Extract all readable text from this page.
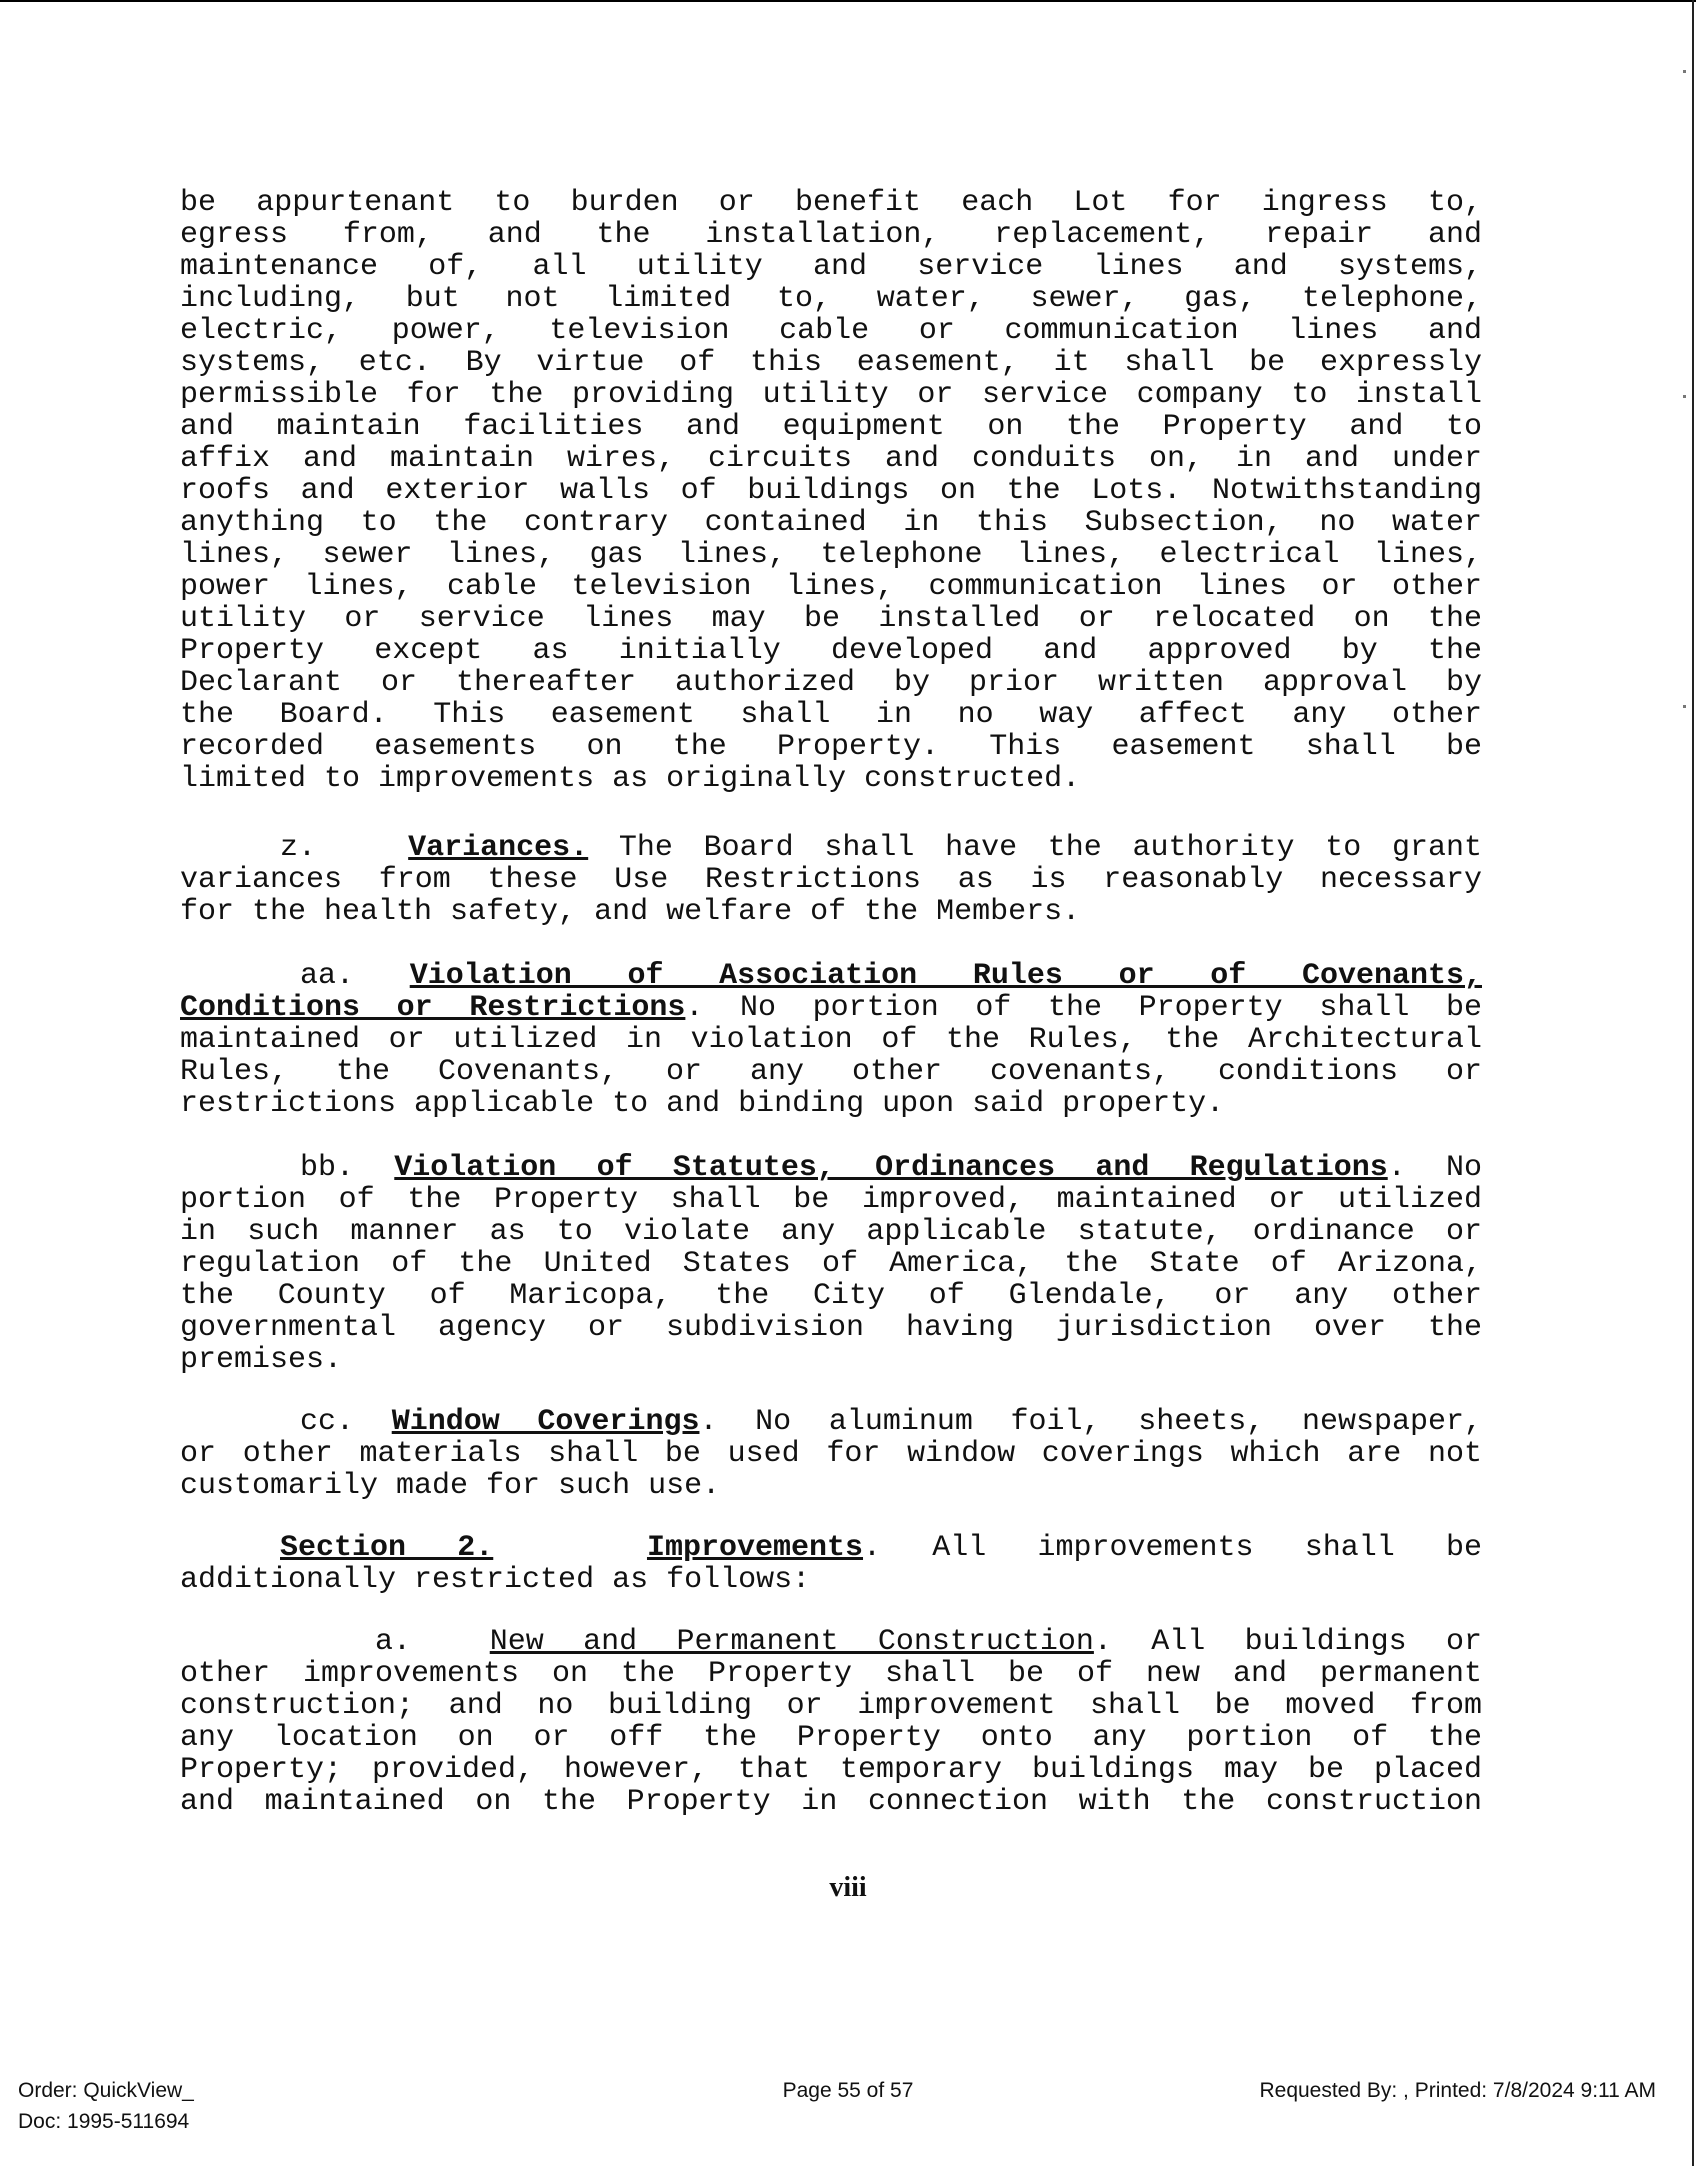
be appurtenant to burden or benefit each Lot for ingress to,
egress from, and the installation, replacement, repair and
maintenance of, all utility and service lines and systems,
including, but not limited to, water, sewer, gas, telephone,
electric, power, television cable or communication lines and
systems, etc. By virtue of this easement, it shall be expressly
permissible for the providing utility or service company to install
and maintain facilities and equipment on the Property and to
affix and maintain wires, circuits and conduits on, in and under
roofs and exterior walls of buildings on the Lots. Notwithstanding
anything to the contrary contained in this Subsection, no water
lines, sewer lines, gas lines, telephone lines, electrical lines,
power lines, cable television lines, communication lines or other
utility or service lines may be installed or relocated on the
Property except as initially developed and approved by the
Declarant or thereafter authorized by prior written approval by
the Board. This easement shall in no way affect any other
recorded easements on the Property. This easement shall be
limited to improvements as originally constructed.
z.	Variances. The Board shall have the authority to grant
variances from these Use Restrictions as is reasonably necessary
for the health safety, and welfare of the Members.
aa. Violation of Association Rules or of Covenants,
Conditions or Restrictions. No portion of the Property shall be
maintained or utilized in violation of the Rules, the Architectural
Rules, the Covenants, or any other covenants, conditions or
restrictions applicable to and binding upon said property.
bb. Violation of Statutes, Ordinances and Regulations. No
portion of the Property shall be improved, maintained or utilized
in such manner as to violate any applicable statute, ordinance or
regulation of the United States of America, the State of Arizona,
the County of Maricopa, the City of Glendale, or any other
governmental agency or subdivision having jurisdiction over the
premises.
cc. Window Coverings. No aluminum foil, sheets, newspaper,
or other materials shall be used for window coverings which are not
customarily made for such use.
Section 2.	Improvements. All improvements shall be
additionally restricted as follows:
a.	New and Permanent Construction. All buildings or
other improvements on the Property shall be of new and permanent
construction; and no building or improvement shall be moved from
any location on or off the Property onto any portion of the
Property; provided, however, that temporary buildings may be placed
and maintained on the Property in connection with the construction
viii
Order: QuickView_
Doc: 1995-511694
Page 55 of 57	Requested By: , Printed: 7/8/2024 9:11 AM
